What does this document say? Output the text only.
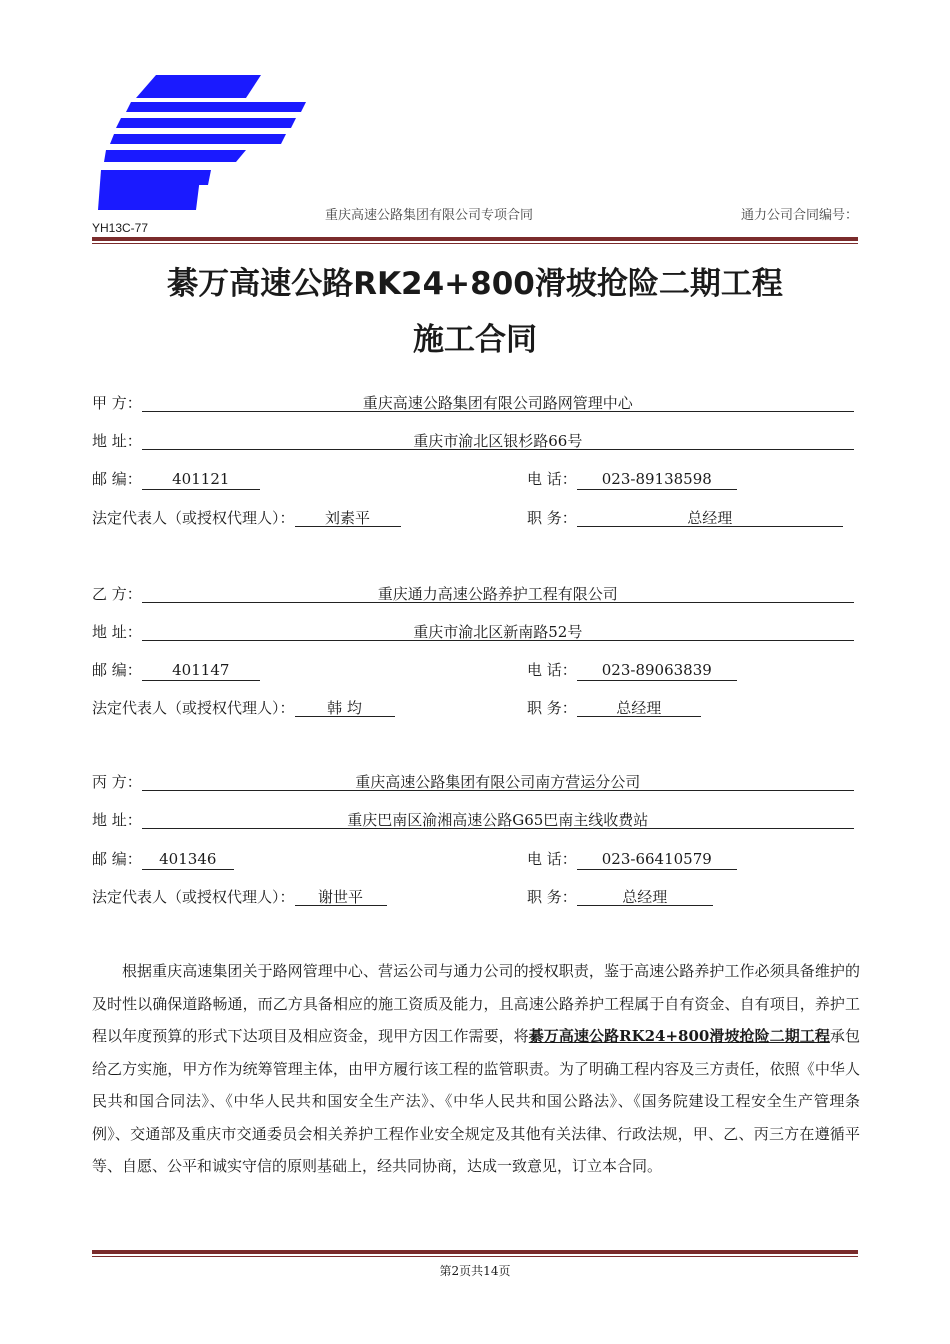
YH13C-77
重庆高速公路集团有限公司专项合同	通力公司合同编号：
綦万高速公路RK24+800滑坡抢险二期工程
施工合同
甲 方：	重庆高速公路集团有限公司路网管理中心
地 址：	重庆市渝北区银杉路66号
邮 编： 401121	电 话： 023-89138598
法定代表人（或授权代理人）： 刘素平	职 务：	总经理
乙 方：	重庆通力高速公路养护工程有限公司
地 址：	重庆市渝北区新南路52号
邮 编： 401147	电 话： 023-89063839
法定代表人（或授权代理人）： 韩 均	职 务：	总经理
丙 方：	重庆高速公路集团有限公司南方营运分公司
地 址：	重庆巴南区渝湘高速公路G65巴南主线收费站
邮 编： 401346	电 话： 023-66410579
法定代表人（或授权代理人）： 谢世平	职 务：	总经理
根据重庆高速集团关于路网管理中心、营运公司与通力公司的授权职责，鉴于高速公路养护工作必须具备维护的及时性以确保道路畅通，而乙方具备相应的施工资质及能力，且高速公路养护工程属于自有资金、自有项目，养护工程以年度预算的形式下达项目及相应资金，现甲方因工作需要，将綦万高速公路RK24+800滑坡抢险二期工程承包给乙方实施，甲方作为统筹管理主体，由甲方履行该工程的监管职责。为了明确工程内容及三方责任，依照《中华人民共和国合同法》、《中华人民共和国安全生产法》、《中华人民共和国公路法》、《国务院建设工程安全生产管理条例》、交通部及重庆市交通委员会相关养护工程作业安全规定及其他有关法律、行政法规，甲、乙、丙三方在遵循平等、自愿、公平和诚实守信的原则基础上，经共同协商，达成一致意见，订立本合同。
第2页共14页
